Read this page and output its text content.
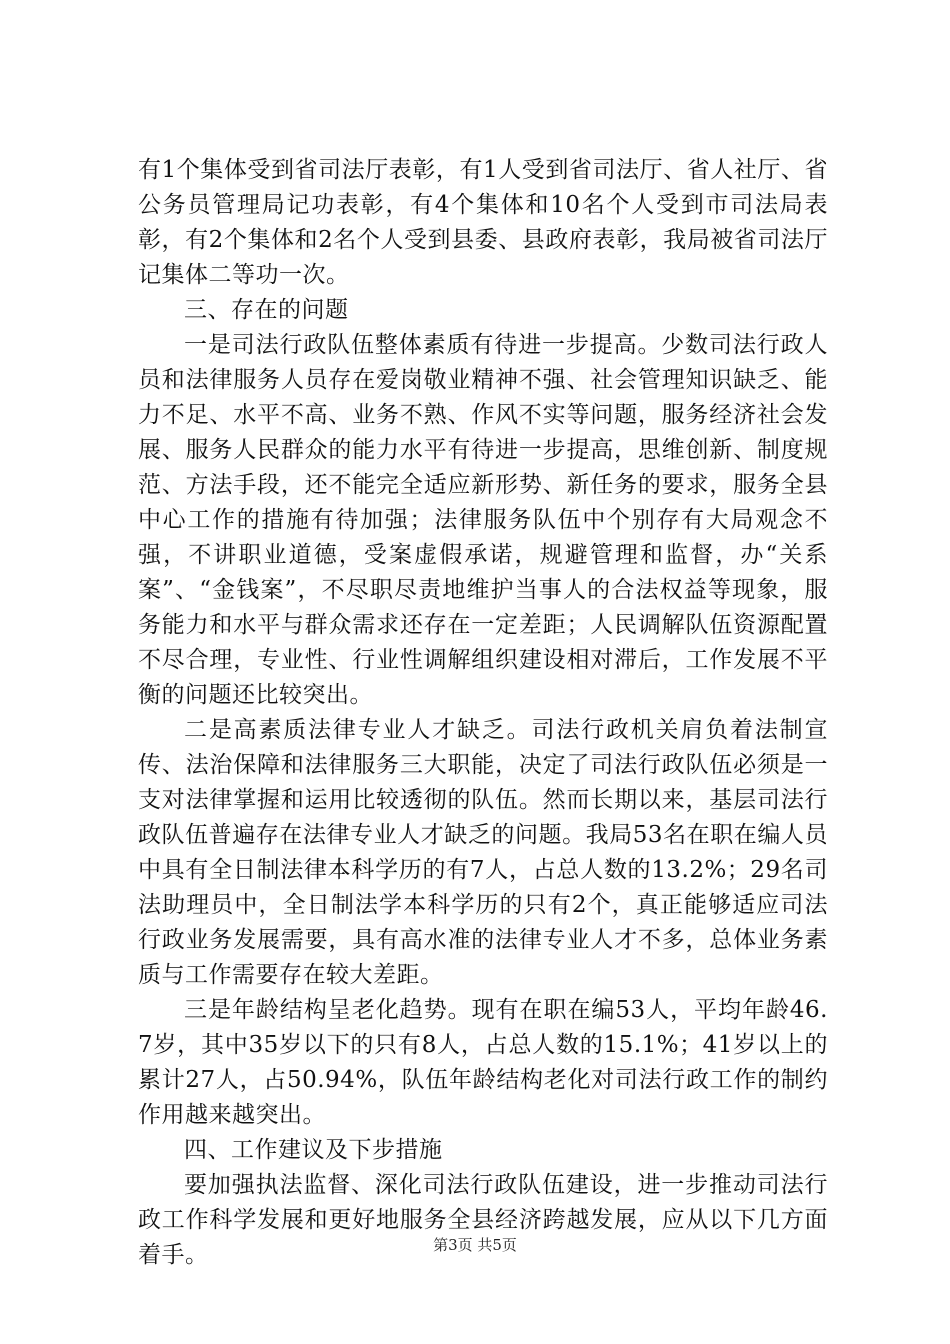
有1个集体受到省司法厅表彰，有1人受到省司法厅、省人社厅、省公务员管理局记功表彰，有4个集体和10名个人受到市司法局表彰，有2个集体和2名个人受到县委、县政府表彰，我局被省司法厅记集体二等功一次。

三、存在的问题

一是司法行政队伍整体素质有待进一步提高。少数司法行政人员和法律服务人员存在爱岗敬业精神不强、社会管理知识缺乏、能力不足、水平不高、业务不熟、作风不实等问题，服务经济社会发展、服务人民群众的能力水平有待进一步提高，思维创新、制度规范、方法手段，还不能完全适应新形势、新任务的要求，服务全县中心工作的措施有待加强；法律服务队伍中个别存有大局观念不强，不讲职业道德，受案虚假承诺，规避管理和监督，办“关系案”、“金钱案”，不尽职尽责地维护当事人的合法权益等现象，服务能力和水平与群众需求还存在一定差距；人民调解队伍资源配置不尽合理，专业性、行业性调解组织建设相对滞后，工作发展不平衡的问题还比较突出。

二是高素质法律专业人才缺乏。司法行政机关肩负着法制宣传、法治保障和法律服务三大职能，决定了司法行政队伍必须是一支对法律掌握和运用比较透彻的队伍。然而长期以来，基层司法行政队伍普遍存在法律专业人才缺乏的问题。我局53名在职在编人员中具有全日制法律本科学历的有7人，占总人数的13.2%；29名司法助理员中，全日制法学本科学历的只有2个，真正能够适应司法行政业务发展需要，具有高水准的法律专业人才不多，总体业务素质与工作需要存在较大差距。

三是年龄结构呈老化趋势。现有在职在编53人，平均年龄46.7岁，其中35岁以下的只有8人，占总人数的15.1%；41岁以上的累计27人，占50.94%，队伍年龄结构老化对司法行政工作的制约作用越来越突出。

四、工作建议及下步措施

要加强执法监督、深化司法行政队伍建设，进一步推动司法行政工作科学发展和更好地服务全县经济跨越发展，应从以下几方面着手。	第3页 共5页
